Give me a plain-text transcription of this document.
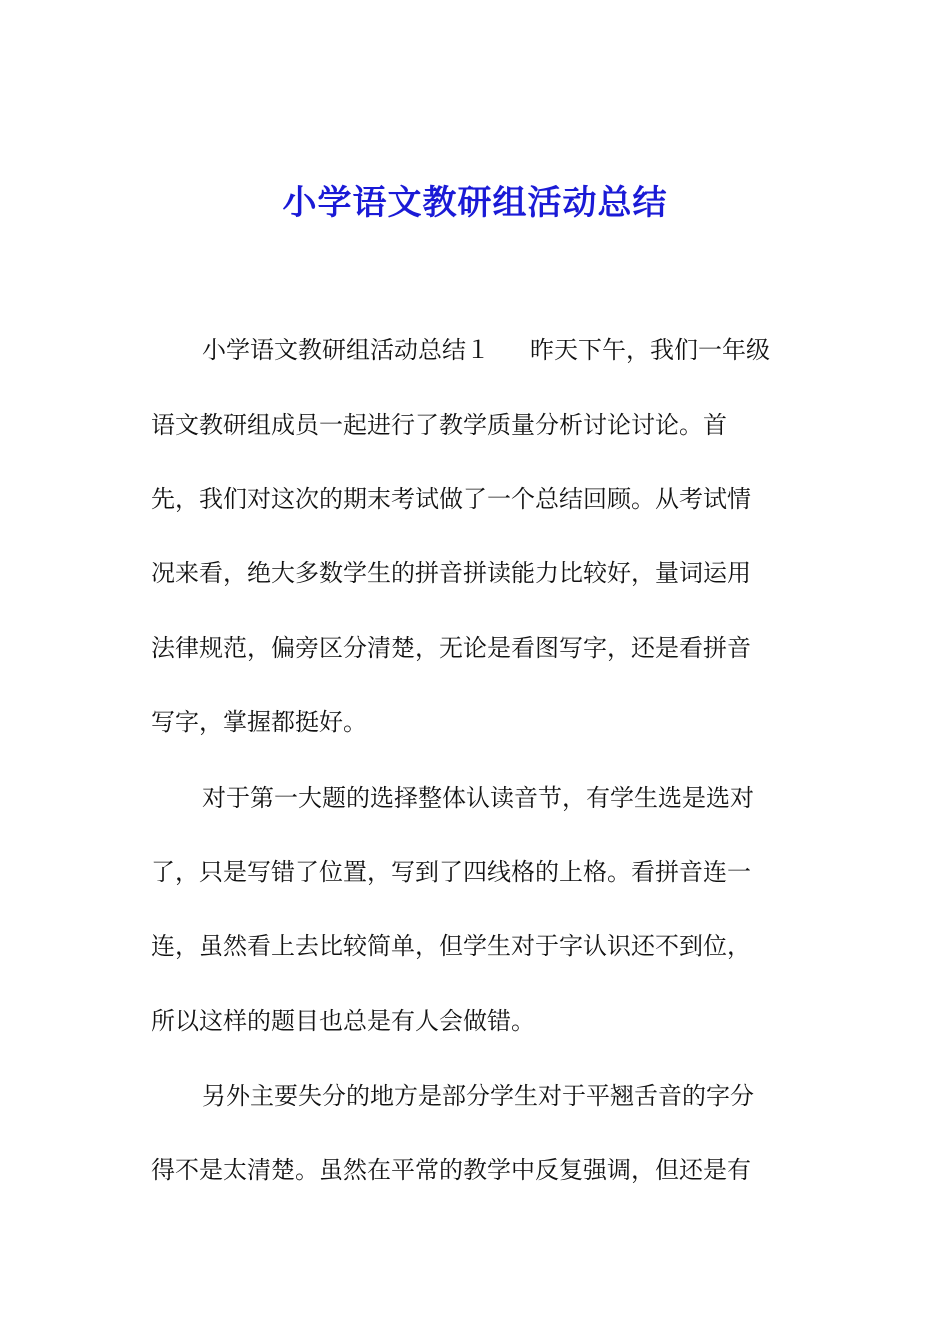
小学语文教研组活动总结

小学语文教研组活动总结１ 昨天下午，我们一年级

语文教研组成员一起进行了教学质量分析讨论讨论。首

先，我们对这次的期末考试做了一个总结回顾。从考试情

况来看，绝大多数学生的拼音拼读能力比较好，量词运用

法律规范，偏旁区分清楚，无论是看图写字，还是看拼音

写字，掌握都挺好。

对于第一大题的选择整体认读音节，有学生选是选对

了，只是写错了位置，写到了四线格的上格。看拼音连一

连，虽然看上去比较简单，但学生对于字认识还不到位，

所以这样的题目也总是有人会做错。

另外主要失分的地方是部分学生对于平翘舌音的字分

得不是太清楚。虽然在平常的教学中反复强调，但还是有
